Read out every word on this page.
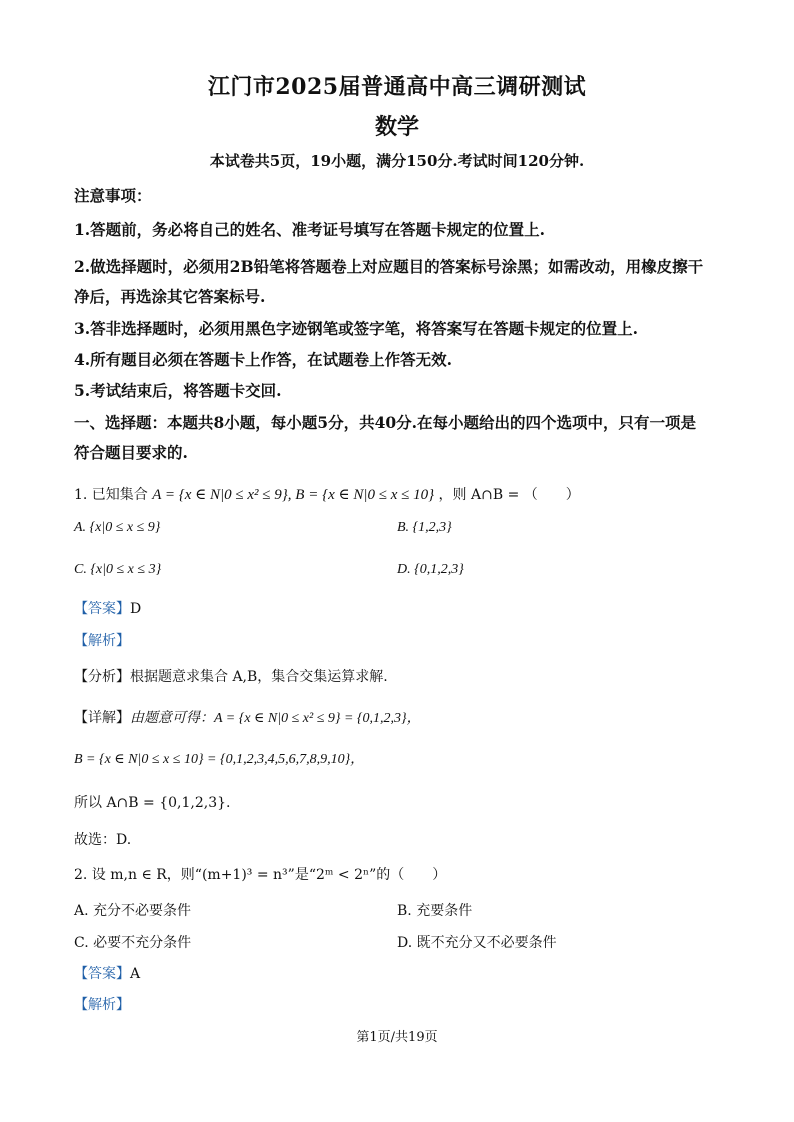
江门市2025届普通高中高三调研测试
数学
本试卷共5页，19小题，满分150分.考试时间120分钟.
注意事项：
1.答题前，务必将自己的姓名、准考证号填写在答题卡规定的位置上.
2.做选择题时，必须用2B铅笔将答题卷上对应题目的答案标号涂黑；如需改动，用橡皮擦干
净后，再选涂其它答案标号.
3.答非选择题时，必须用黑色字迹钢笔或签字笔，将答案写在答题卡规定的位置上.
4.所有题目必须在答题卡上作答，在试题卷上作答无效.
5.考试结束后，将答题卡交回.
一、选择题：本题共8小题，每小题5分，共40分.在每小题给出的四个选项中，只有一项是
符合题目要求的.
1. 已知集合 A = {x ∈ N|0 ≤ x² ≤ 9}, B = {x ∈ N|0 ≤ x ≤ 10} ，则 A∩B = （　　）
A. {x|0 ≤ x ≤ 9}	B. {1,2,3}
C. {x|0 ≤ x ≤ 3}	D. {0,1,2,3}
【答案】D
【解析】
【分析】根据题意求集合 A,B，集合交集运算求解.
【详解】由题意可得：A = {x ∈ N|0 ≤ x² ≤ 9} = {0,1,2,3}，
B = {x ∈ N|0 ≤ x ≤ 10} = {0,1,2,3,4,5,6,7,8,9,10}，
所以 A∩B = {0,1,2,3}.
故选：D.
2. 设 m,n ∈ R，则“(m+1)³ = n³”是“2ᵐ < 2ⁿ”的（　　）
A. 充分不必要条件	B. 充要条件
C. 必要不充分条件	D. 既不充分又不必要条件
【答案】A
【解析】
第1页/共19页
